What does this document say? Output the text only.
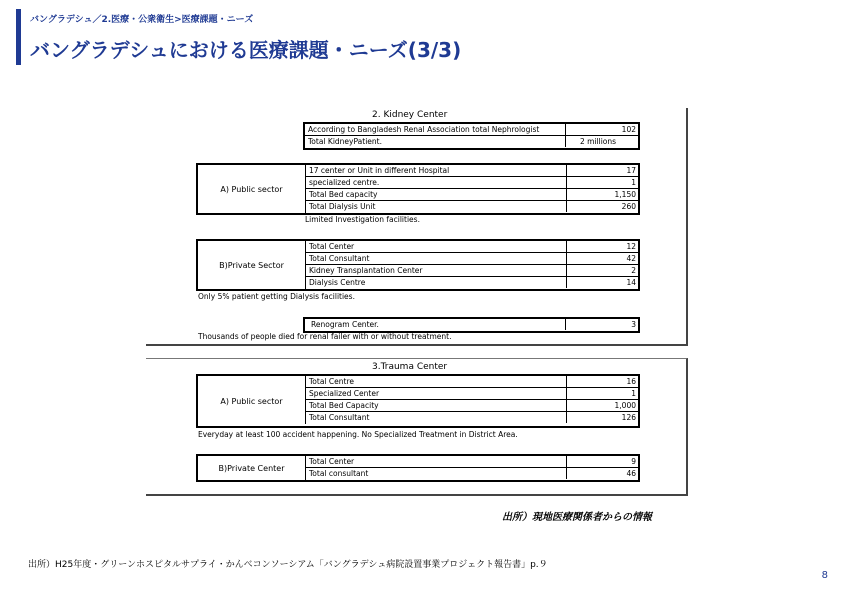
バングラデシュ／2.医療・公衆衛生>医療課題・ニーズ
バングラデシュにおける医療課題・ニーズ(3/3)
2. Kidney Center
According to Bangladesh Renal Association total Nephrologist	102
Total KidneyPatient.	2 millions
A) Public sector
17 center or Unit in different Hospital	17
specialized centre.	1
Total Bed capacity	1,150
Total Dialysis Unit	260
Limited Investigation facilities.
B)Private Sector
Total Center	12
Total Consultant	42
Kidney Transplantation Center	2
Dialysis Centre	14
Only 5% patient getting Dialysis facilities.
Renogram Center.	3
Thousands of people died for renal failer with or without treatment.
3.Trauma Center
A) Public sector
Total Centre	16
Specialized Center	1
Total Bed Capacity	1,000
Total Consultant	126
Everyday at least 100 accident happening. No Specialized Treatment in District Area.
B)Private Center
Total Center	9
Total consultant	46
出所）現地医療関係者からの情報
出所）H25年度・グリーンホスピタルサプライ・かんべコンソーシアム「バングラデシュ病院設置事業プロジェクト報告書」p.９
8
